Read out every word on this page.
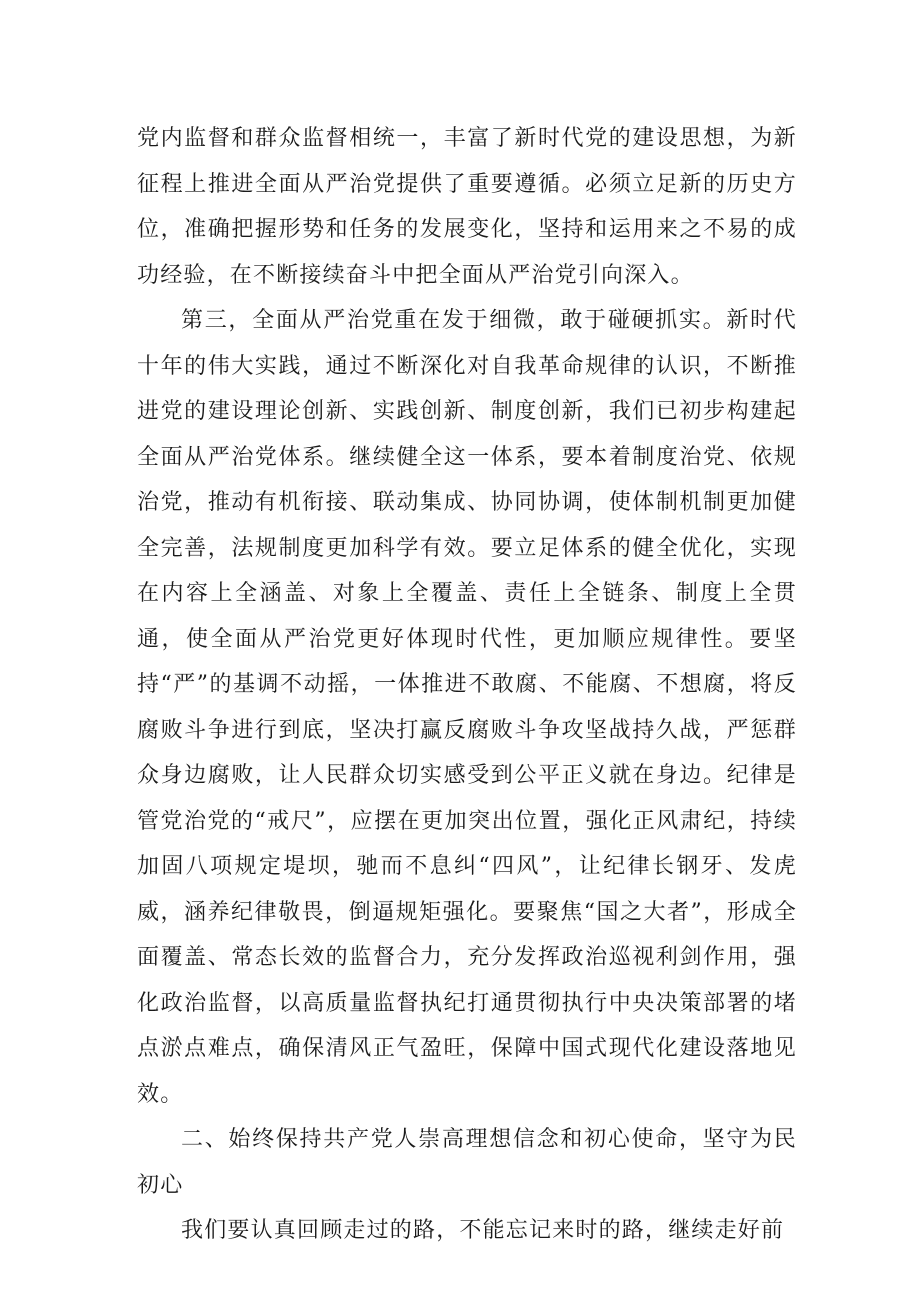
党内监督和群众监督相统一，丰富了新时代党的建设思想，为新征程上推进全面从严治党提供了重要遵循。必须立足新的历史方位，准确把握形势和任务的发展变化，坚持和运用来之不易的成功经验，在不断接续奋斗中把全面从严治党引向深入。

第三，全面从严治党重在发于细微，敢于碰硬抓实。新时代十年的伟大实践，通过不断深化对自我革命规律的认识，不断推进党的建设理论创新、实践创新、制度创新，我们已初步构建起全面从严治党体系。继续健全这一体系，要本着制度治党、依规治党，推动有机衔接、联动集成、协同协调，使体制机制更加健全完善，法规制度更加科学有效。要立足体系的健全优化，实现在内容上全涵盖、对象上全覆盖、责任上全链条、制度上全贯通，使全面从严治党更好体现时代性，更加顺应规律性。要坚持“严”的基调不动摇，一体推进不敢腐、不能腐、不想腐，将反腐败斗争进行到底，坚决打赢反腐败斗争攻坚战持久战，严惩群众身边腐败，让人民群众切实感受到公平正义就在身边。纪律是管党治党的“戒尺”，应摆在更加突出位置，强化正风肃纪，持续加固八项规定堤坝，驰而不息纠“四风”，让纪律长钢牙、发虎威，涵养纪律敬畏，倒逼规矩强化。要聚焦“国之大者”，形成全面覆盖、常态长效的监督合力，充分发挥政治巡视利剑作用，强化政治监督，以高质量监督执纪打通贯彻执行中央决策部署的堵点淤点难点，确保清风正气盈旺，保障中国式现代化建设落地见效。

二、始终保持共产党人崇高理想信念和初心使命，坚守为民初心

我们要认真回顾走过的路，不能忘记来时的路，继续走好前
